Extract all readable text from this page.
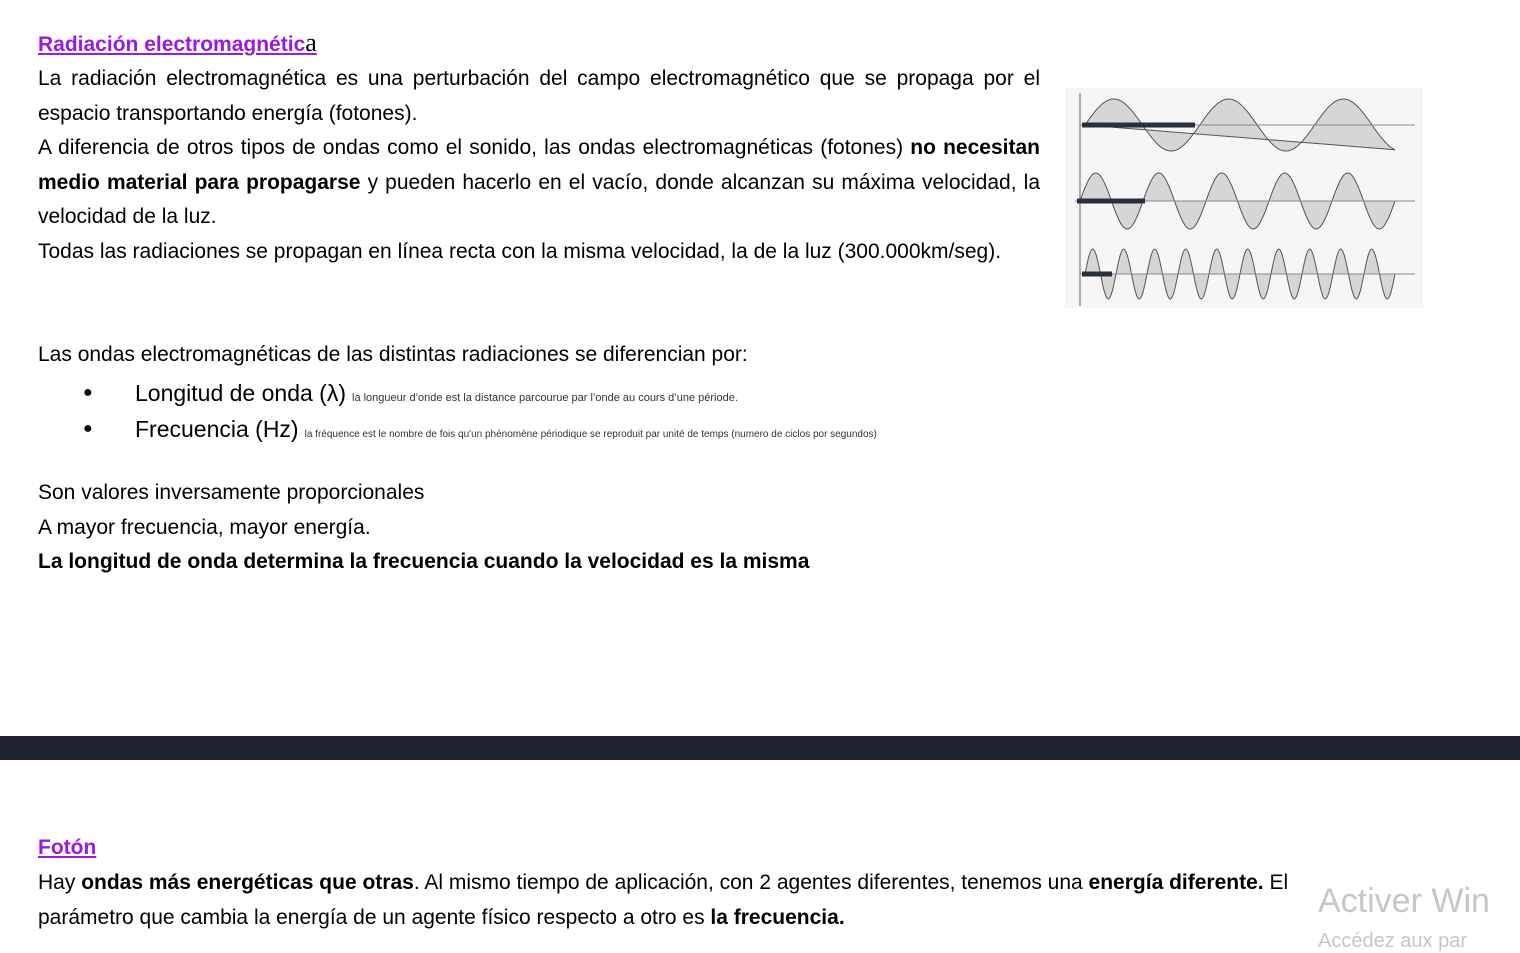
Radiación electromagnética

La radiación electromagnética es una perturbación del campo electromagnético que se propaga por el espacio transportando energía (fotones).

A diferencia de otros tipos de ondas como el sonido, las ondas electromagnéticas (fotones) no necesitan medio material para propagarse y pueden hacerlo en el vacío, donde alcanzan su máxima velocidad, la velocidad de la luz.

Todas las radiaciones se propagan en línea recta con la misma velocidad, la de la luz (300.000km/seg).

Las ondas electromagnéticas de las distintas radiaciones se diferencian por:

● Longitud de onda (λ) la longueur d’onde est la distance parcourue par l’onde au cours d’une période.
● Frecuencia (Hz) la fréquence est le nombre de fois qu'un phénomène périodique se reproduit par unité de temps (numero de ciclos por segundos)

Son valores inversamente proporcionales

A mayor frecuencia, mayor energía.

La longitud de onda determina la frecuencia cuando la velocidad es la misma

Fotón

Hay ondas más energéticas que otras. Al mismo tiempo de aplicación, con 2 agentes diferentes, tenemos una energía diferente. El

parámetro que cambia la energía de un agente físico respecto a otro es la frecuencia.	Activer Win
Accédez aux par
